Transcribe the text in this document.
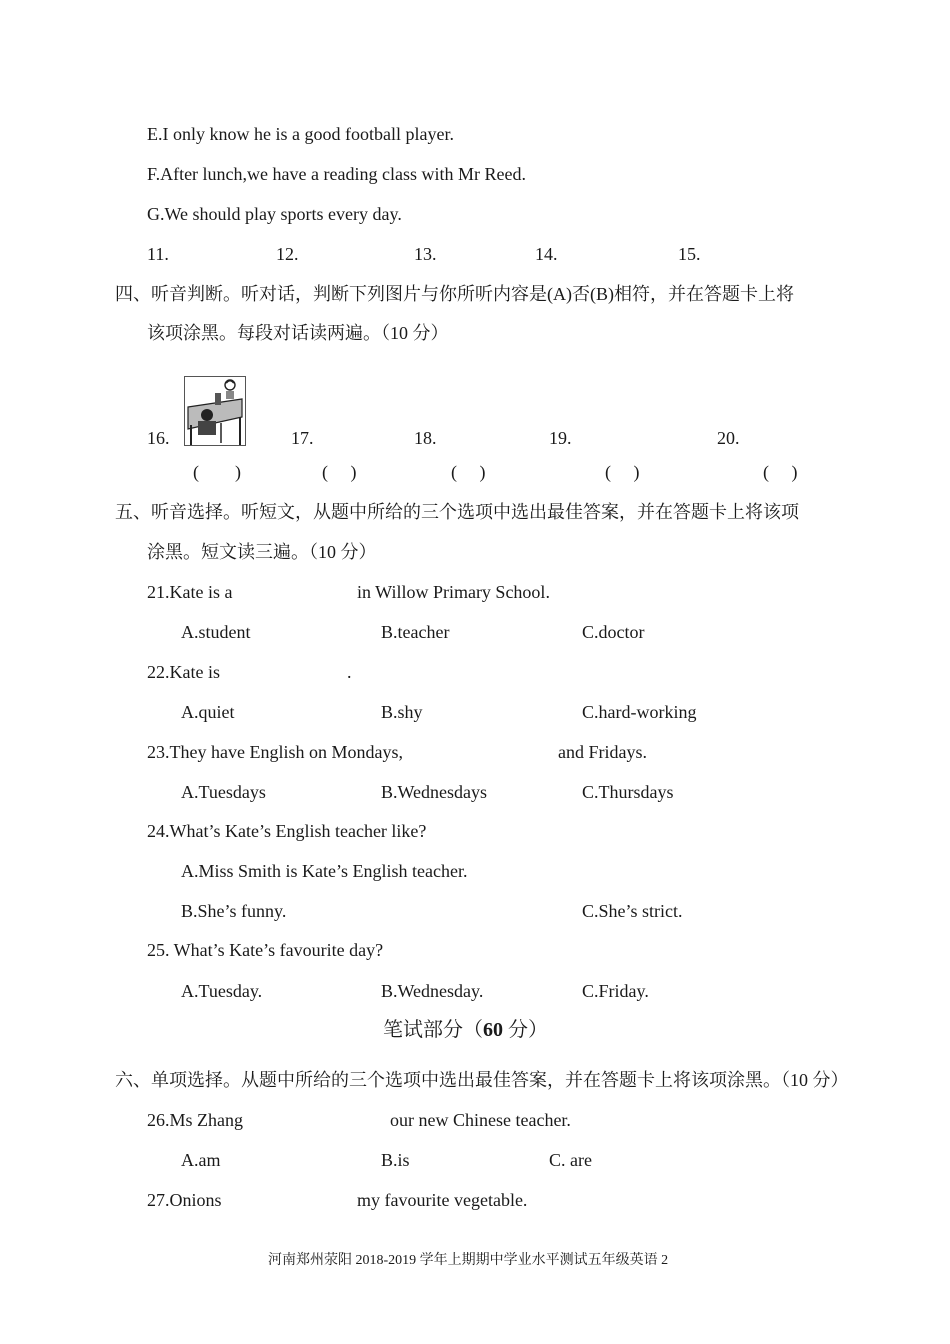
E.I only know he is a good football player.
F.After lunch,we have a reading class with Mr Reed.
G.We should play sports every day.
11.	12.	13.	14.	15.
四、听音判断。听对话，判断下列图片与你所听内容是(A)否(B)相符，并在答题卡上将
该项涂黑。每段对话读两遍。（10 分）
16.	17.	18.	19.	20.
(　　)	(　 )	(　 )	(　 )	(　 )
五、听音选择。听短文，从题中所给的三个选项中选出最佳答案，并在答题卡上将该项
涂黑。短文读三遍。（10 分）
21.Kate is a	in Willow Primary School.
A.student	B.teacher	C.doctor
22.Kate is	.
A.quiet	B.shy	C.hard-working
23.They have English on Mondays,	and Fridays.
A.Tuesdays	B.Wednesdays	C.Thursdays
24.What’s Kate’s English teacher like?
A.Miss Smith is Kate’s English teacher.
B.She’s funny.	C.She’s strict.
25. What’s Kate’s favourite day?
A.Tuesday.	B.Wednesday.	C.Friday.
笔试部分（60 分）
六、单项选择。从题中所给的三个选项中选出最佳答案，并在答题卡上将该项涂黑。（10 分）
26.Ms Zhang	our new Chinese teacher.
A.am	B.is	C. are
27.Onions	my favourite vegetable.
河南郑州荥阳 2018-2019 学年上期期中学业水平测试五年级英语 2
